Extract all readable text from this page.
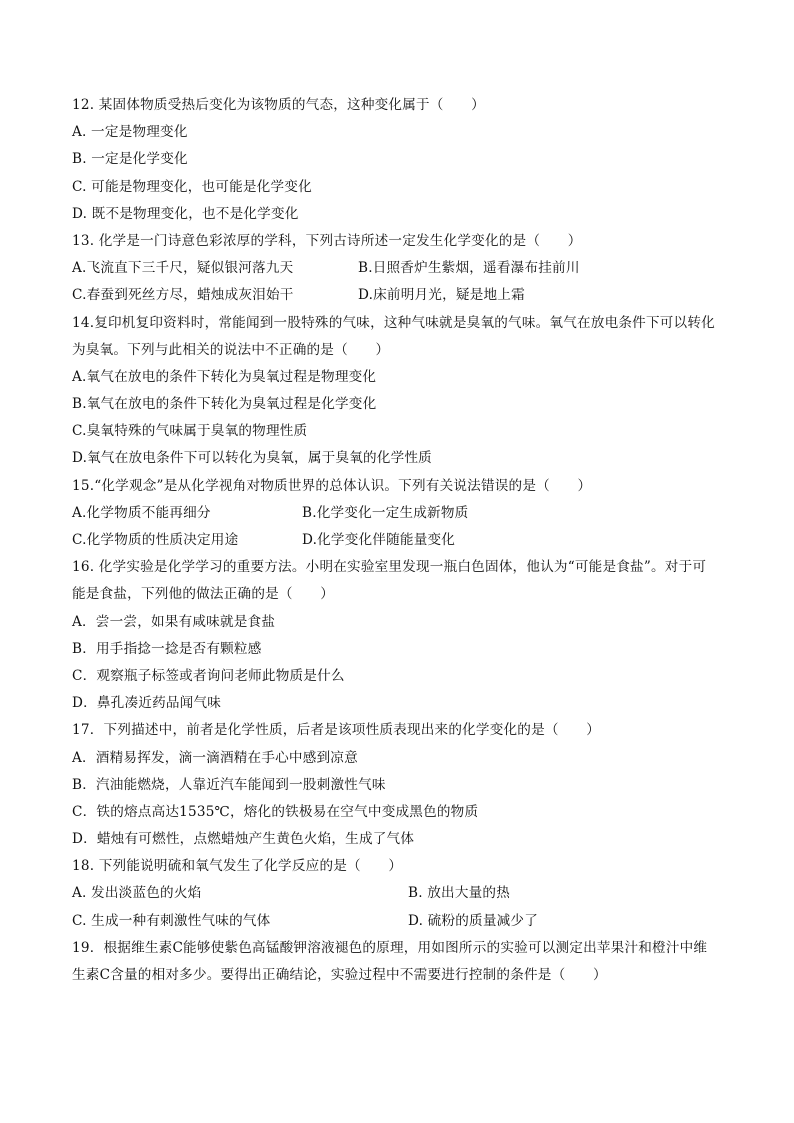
12. 某固体物质受热后变化为该物质的气态，这种变化属于（　　）
A. 一定是物理变化
B. 一定是化学变化
C. 可能是物理变化，也可能是化学变化
D. 既不是物理变化，也不是化学变化
13. 化学是一门诗意色彩浓厚的学科，下列古诗所述一定发生化学变化的是（　　）
A.飞流直下三千尺，疑似银河落九天	B.日照香炉生紫烟，遥看瀑布挂前川
C.春蚕到死丝方尽，蜡烛成灰泪始干	D.床前明月光，疑是地上霜
14.复印机复印资料时，常能闻到一股特殊的气味，这种气味就是臭氧的气味。氧气在放电条件下可以转化
为臭氧。下列与此相关的说法中不正确的是（　　）
A.氧气在放电的条件下转化为臭氧过程是物理变化
B.氧气在放电的条件下转化为臭氧过程是化学变化
C.臭氧特殊的气味属于臭氧的物理性质
D.氧气在放电条件下可以转化为臭氧，属于臭氧的化学性质
15.“化学观念”是从化学视角对物质世界的总体认识。下列有关说法错误的是（　　）
A.化学物质不能再细分	B.化学变化一定生成新物质
C.化学物质的性质决定用途	D.化学变化伴随能量变化
16. 化学实验是化学学习的重要方法。小明在实验室里发现一瓶白色固体，他认为“可能是食盐”。对于可
能是食盐，下列他的做法正确的是（　　）
A．尝一尝，如果有咸味就是食盐
B．用手指捻一捻是否有颗粒感
C．观察瓶子标签或者询问老师此物质是什么
D．鼻孔凑近药品闻气味
17．下列描述中，前者是化学性质，后者是该项性质表现出来的化学变化的是（　　）
A．酒精易挥发，滴一滴酒精在手心中感到凉意
B．汽油能燃烧，人靠近汽车能闻到一股刺激性气味
C．铁的熔点高达1535℃，熔化的铁极易在空气中变成黑色的物质
D．蜡烛有可燃性，点燃蜡烛产生黄色火焰，生成了气体
18. 下列能说明硫和氧气发生了化学反应的是（　　）
A. 发出淡蓝色的火焰	B. 放出大量的热
C. 生成一种有刺激性气味的气体	D. 硫粉的质量减少了
19．根据维生素C能够使紫色高锰酸钾溶液褪色的原理，用如图所示的实验可以测定出苹果汁和橙汁中维
生素C含量的相对多少。要得出正确结论，实验过程中不需要进行控制的条件是（　　）
